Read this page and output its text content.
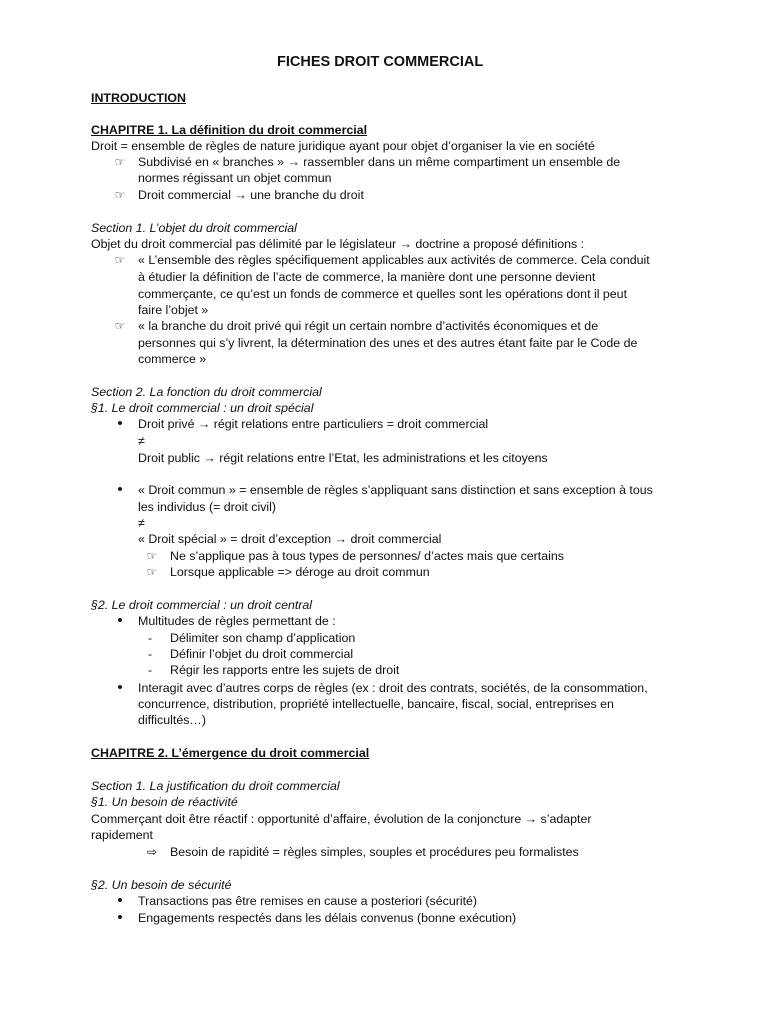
FICHES DROIT COMMERCIAL
INTRODUCTION
CHAPITRE 1. La définition du droit commercial
Droit = ensemble de règles de nature juridique ayant pour objet d’organiser la vie en société
☞ Subdivisé en « branches » → rassembler dans un même compartiment un ensemble de
normes régissant un objet commun
☞ Droit commercial → une branche du droit
Section 1. L’objet du droit commercial
Objet du droit commercial pas délimité par le législateur → doctrine a proposé définitions :
☞ « L’ensemble des règles spécifiquement applicables aux activités de commerce. Cela conduit
à étudier la définition de l’acte de commerce, la manière dont une personne devient
commerçante, ce qu’est un fonds de commerce et quelles sont les opérations dont il peut
faire l’objet »
☞ « la branche du droit privé qui régit un certain nombre d’activités économiques et de
personnes qui s’y livrent, la détermination des unes et des autres étant faite par le Code de
commerce »
Section 2. La fonction du droit commercial
§1. Le droit commercial : un droit spécial
•	Droit privé → régit relations entre particuliers = droit commercial
≠
Droit public → régit relations entre l’Etat, les administrations et les citoyens
•	« Droit commun » = ensemble de règles s’appliquant sans distinction et sans exception à tous
les individus (= droit civil)
≠
« Droit spécial » = droit d’exception → droit commercial
☞ Ne s’applique pas à tous types de personnes/ d’actes mais que certains
☞ Lorsque applicable => déroge au droit commun
§2. Le droit commercial : un droit central
•	Multitudes de règles permettant de :
-	Délimiter son champ d’application
-	Définir l’objet du droit commercial
-	Régir les rapports entre les sujets de droit
•	Interagit avec d’autres corps de règles (ex : droit des contrats, sociétés, de la consommation,
concurrence, distribution, propriété intellectuelle, bancaire, fiscal, social, entreprises en
difficultés…)
CHAPITRE 2. L’émergence du droit commercial
Section 1. La justification du droit commercial
§1. Un besoin de réactivité
Commerçant doit être réactif : opportunité d’affaire, évolution de la conjoncture → s’adapter
rapidement
⇨ Besoin de rapidité = règles simples, souples et procédures peu formalistes
§2. Un besoin de sécurité
•	Transactions pas être remises en cause a posteriori (sécurité)
•	Engagements respectés dans les délais convenus (bonne exécution)
